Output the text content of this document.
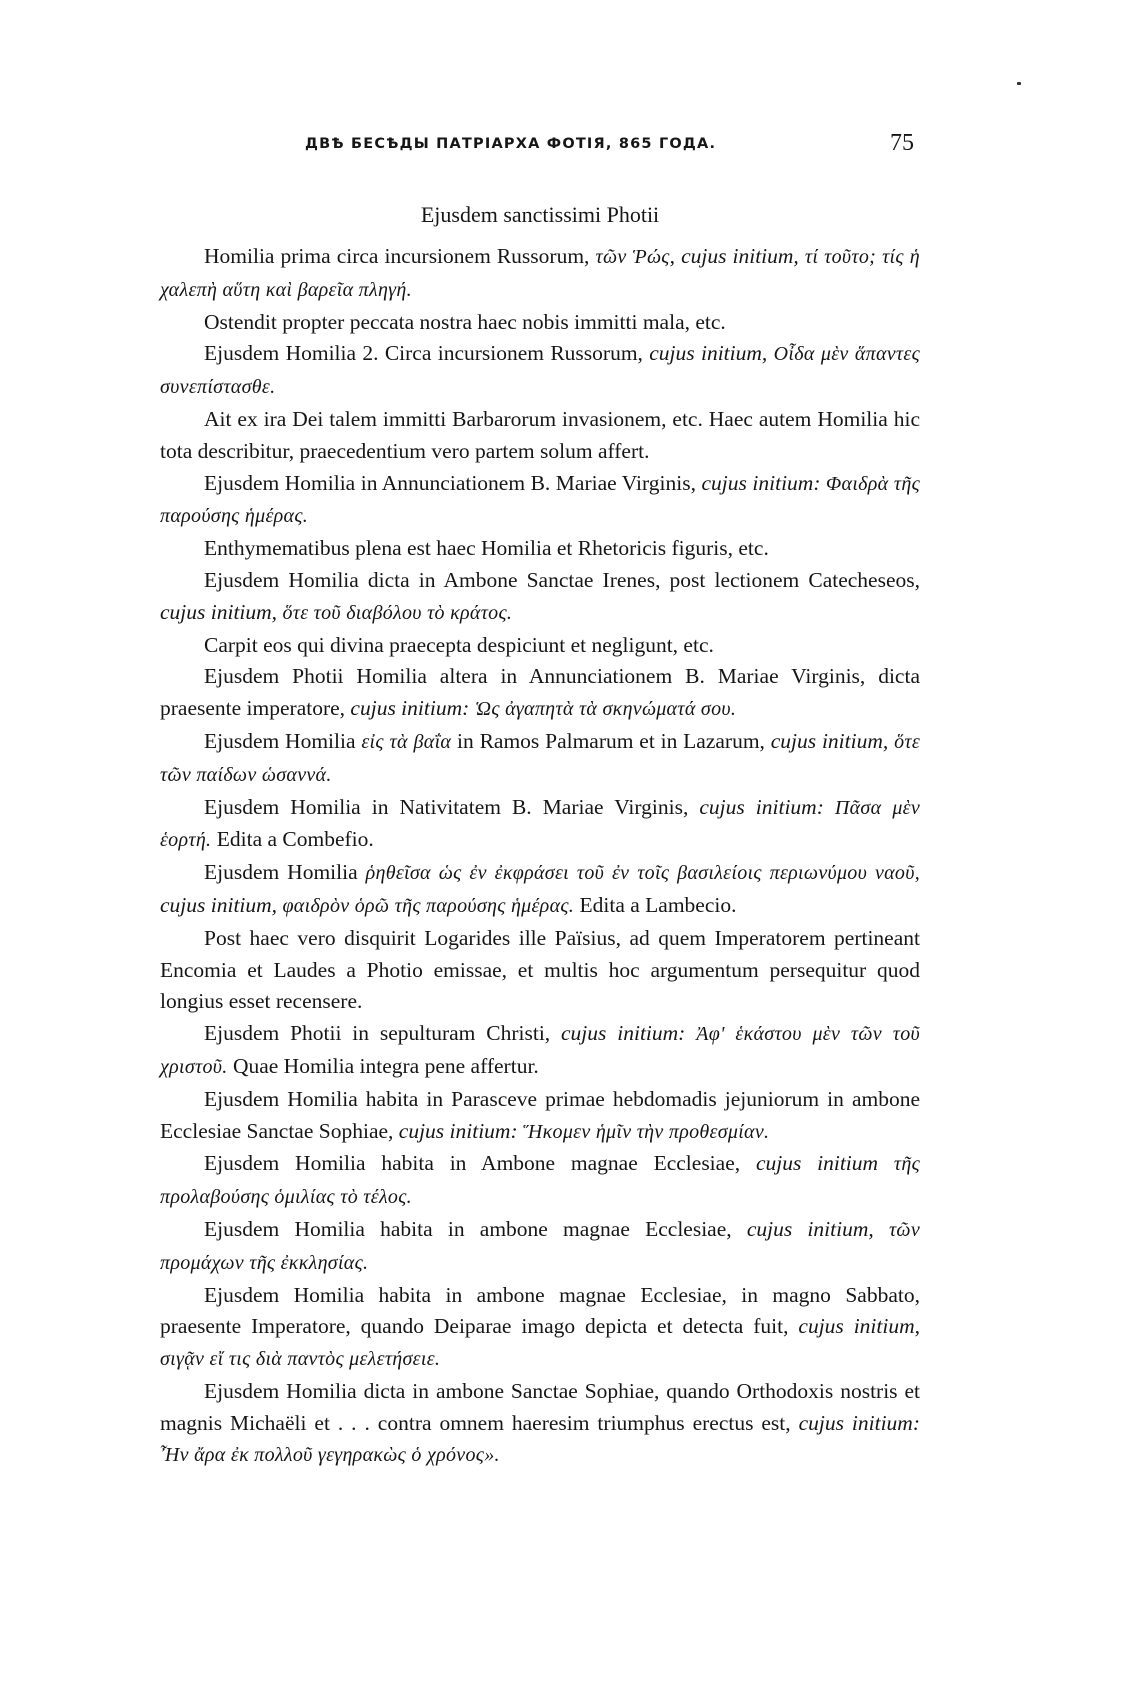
ДВѢ БЕСѢДЫ ПАТРІАРХА ФОТІЯ, 865 ГОДА.	75
Ejusdem sanctissimi Photii

Homilia prima circa incursionem Russorum, τῶν Ῥώς, cujus initium, τί τοῦτο; τίς ἡ χαλεπὴ αὕτη καὶ βαρεῖα πληγή.

Ostendit propter peccata nostra haec nobis immitti mala, etc.

Ejusdem Homilia 2. Circa incursionem Russorum, cujus initium, Οἶδα μὲν ἅπαντες συνεπίστασθε.

Ait ex ira Dei talem immitti Barbarorum invasionem, etc. Haec autem Homilia hic tota describitur, praecedentium vero partem solum affert.

Ejusdem Homilia in Annunciationem B. Mariae Virginis, cujus initium: Φαιδρὰ τῆς παρούσης ἡμέρας.

Enthymematibus plena est haec Homilia et Rhetoricis figuris, etc.

Ejusdem Homilia dicta in Ambone Sanctae Irenes, post lectionem Catecheseos, cujus initium, ὅτε τοῦ διαβόλου τὸ κράτος.

Carpit eos qui divina praecepta despiciunt et negligunt, etc.

Ejusdem Photii Homilia altera in Annunciationem B. Mariae Virginis, dicta praesente imperatore, cujus initium: Ὡς ἀγαπητὰ τὰ σκηνώματά σου.

Ejusdem Homilia εἰς τὰ βαΐα in Ramos Palmarum et in Lazarum, cujus initium, ὅτε τῶν παίδων ὡσαννά.

Ejusdem Homilia in Nativitatem B. Mariae Virginis, cujus initium: Πᾶσα μὲν ἑορτή. Edita a Combefio.

Ejusdem Homilia ῥηθεῖσα ὡς ἐν ἐκφράσει τοῦ ἐν τοῖς βασιλείοις περιωνύμου ναοῦ, cujus initium, φαιδρὸν ὁρῶ τῆς παρούσης ἡμέρας. Edita a Lambecio.

Post haec vero disquirit Logarides ille Païsius, ad quem Imperatorem pertineant Encomia et Laudes a Photio emissae, et multis hoc argumentum persequitur quod longius esset recensere.

Ejusdem Photii in sepulturam Christi, cujus initium: Ἀφ' ἑκάστου μὲν τῶν τοῦ χριστοῦ. Quae Homilia integra pene affertur.

Ejusdem Homilia habita in Parasceve primae hebdomadis jejuniorum in ambone Ecclesiae Sanctae Sophiae, cujus initium: Ἥκομεν ἡμῖν τὴν προθεσμίαν.

Ejusdem Homilia habita in Ambone magnae Ecclesiae, cujus initium τῆς προλαβούσης ὁμιλίας τὸ τέλος.

Ejusdem Homilia habita in ambone magnae Ecclesiae, cujus initium, τῶν προμάχων τῆς ἐκκλησίας.

Ejusdem Homilia habita in ambone magnae Ecclesiae, in magno Sabbato, praesente Imperatore, quando Deiparae imago depicta et detecta fuit, cujus initium, σιγᾷν εἴ τις διὰ παντὸς μελετήσειε.

Ejusdem Homilia dicta in ambone Sanctae Sophiae, quando Orthodoxis nostris et magnis Michaëli et . . . contra omnem haeresim triumphus erectus est, cujus initium: Ἦν ἄρα ἐκ πολλοῦ γεγηρακὼς ὁ χρόνος».
